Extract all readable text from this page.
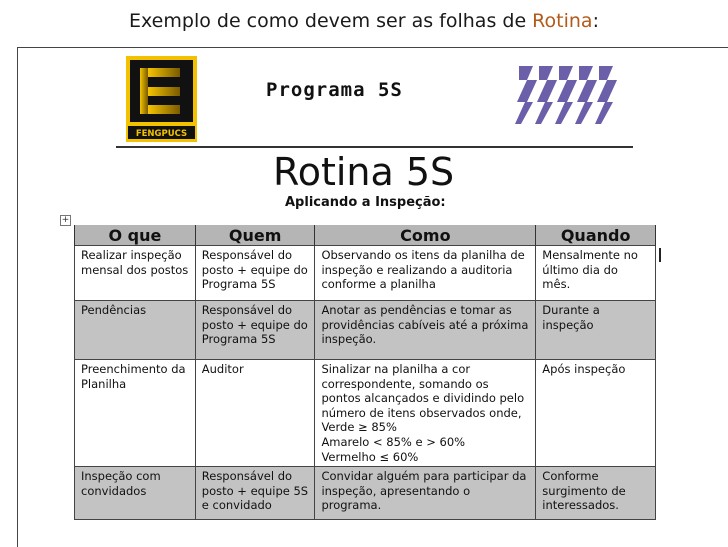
Exemplo de como devem ser as folhas de Rotina:
FENGPUCS
Programa 5S
Rotina 5S
Aplicando a Inspeção:
+
O que	Quem	Como	Quando
Realizar inspeção mensal dos postos	Responsável do posto + equipe do Programa 5S	Observando os itens da planilha de inspeção e realizando a auditoria conforme a planilha	Mensalmente no último dia do mês.
Pendências	Responsável do posto + equipe do Programa 5S	Anotar as pendências e tomar as providências cabíveis até a próxima inspeção.	Durante a inspeção
Preenchimento da Planilha	Auditor	Sinalizar na planilha a cor correspondente, somando os pontos alcançados e dividindo pelo número de itens observados onde,
Verde ≥ 85%
Amarelo < 85% e > 60%
Vermelho ≤ 60%	Após inspeção
Inspeção com convidados	Responsável do posto + equipe 5S e convidado	Convidar alguém para participar da inspeção, apresentando o programa.	Conforme surgimento de interessados.
